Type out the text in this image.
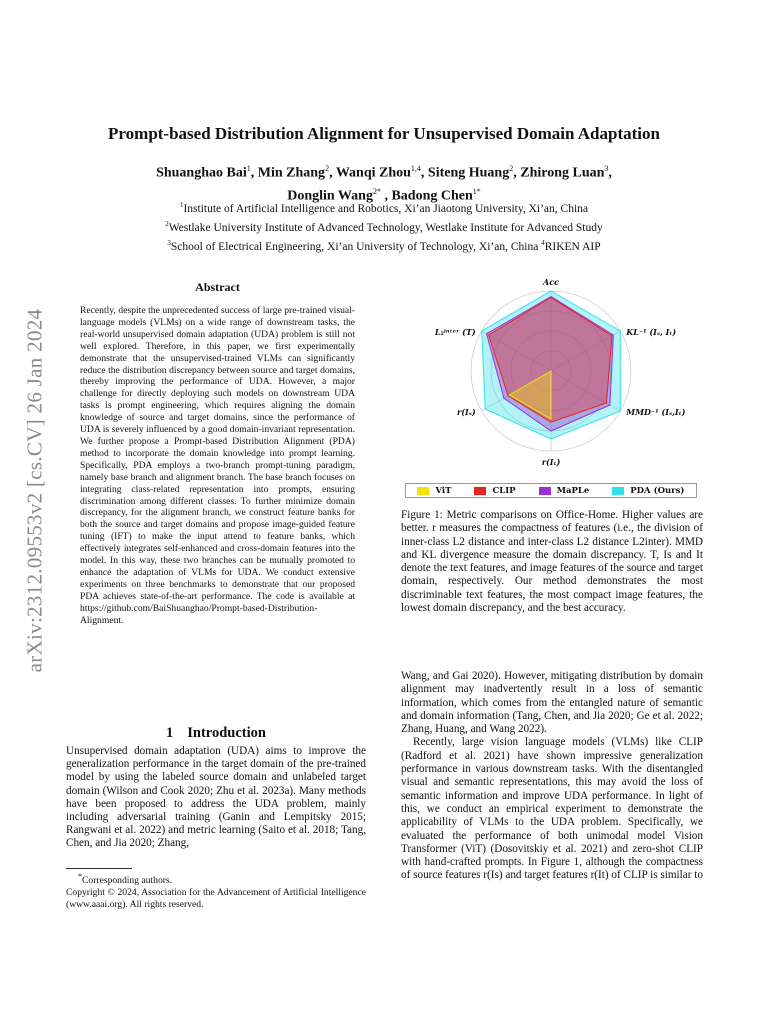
arXiv:2312.09553v2 [cs.CV] 26 Jan 2024
Prompt-based Distribution Alignment for Unsupervised Domain Adaptation
Shuanghao Bai$^1$, Min Zhang$^2$, Wanqi Zhou$^{1,4}$, Siteng Huang$^2$, Zhirong Luan$^3$,
Donglin Wang$^{2*}$ , Badong Chen$^{1*}$
$^1$Institute of Artificial Intelligence and Robotics, Xi’an Jiaotong University, Xi’an, China
$^2$Westlake University Institute of Advanced Technology, Westlake Institute for Advanced Study
$^3$School of Electrical Engineering, Xi’an University of Technology, Xi’an, China $^4$RIKEN AIP
Abstract

Recently, despite the unprecedented success of large pre-trained visual-language models (VLMs) on a wide range of downstream tasks, the real-world unsupervised domain adaptation (UDA) problem is still not well explored. Therefore, in this paper, we first experimentally demonstrate that the unsupervised-trained VLMs can significantly reduce the distribution discrepancy between source and target domains, thereby improving the performance of UDA. However, a major challenge for directly deploying such models on downstream UDA tasks is prompt engineering, which requires aligning the domain knowledge of source and target domains, since the performance of UDA is severely influenced by a good domain-invariant representation. We further propose a Prompt-based Distribution Alignment (PDA) method to incorporate the domain knowledge into prompt learning. Specifically, PDA employs a two-branch prompt-tuning paradigm, namely base branch and alignment branch. The base branch focuses on integrating class-related representation into prompts, ensuring discrimination among different classes. To further minimize domain discrepancy, for the alignment branch, we construct feature banks for both the source and target domains and propose image-guided feature tuning (IFT) to make the input attend to feature banks, which effectively integrates self-enhanced and cross-domain features into the model. In this way, these two branches can be mutually promoted to enhance the adaptation of VLMs for UDA. We conduct extensive experiments on three benchmarks to demonstrate that our proposed PDA achieves state-of-the-art performance. The code is available at https://github.com/BaiShuanghao/Prompt-based-Distribution-Alignment.

1 Introduction

Unsupervised domain adaptation (UDA) aims to improve the generalization performance in the target domain of the pre-trained model by using the labeled source domain and unlabeled target domain (Wilson and Cook 2020; Zhu et al. 2023a). Many methods have been proposed to address the UDA problem, mainly including adversarial training (Ganin and Lempitsky 2015; Rangwani et al. 2022) and metric learning (Saito et al. 2018; Tang, Chen, and Jia 2020; Zhang,

*Corresponding authors.

Copyright © 2024, Association for the Advancement of Artificial Intelligence (www.aaai.org). All rights reserved.

Acc
KL⁻¹ (Iₛ, Iₜ)
MMD⁻¹ (Iₛ,Iₜ)
r(Iₜ)
r(Iₛ)
L₂ⁱⁿᵗᵉʳ (T)
ViT	CLIP	MaPLe	PDA (Ours)

Figure 1: Metric comparisons on Office-Home. Higher values are better. r measures the compactness of features (i.e., the division of inner-class L2 distance and inter-class L2 distance L2inter). MMD and KL divergence measure the domain discrepancy. T, Is and It denote the text features, and image features of the source and target domain, respectively. Our method demonstrates the most discriminable text features, the most compact image features, the lowest domain discrepancy, and the best accuracy.

Wang, and Gai 2020). However, mitigating distribution by domain alignment may inadvertently result in a loss of semantic information, which comes from the entangled nature of semantic and domain information (Tang, Chen, and Jia 2020; Ge et al. 2022; Zhang, Huang, and Wang 2022).

Recently, large vision language models (VLMs) like CLIP (Radford et al. 2021) have shown impressive generalization performance in various downstream tasks. With the disentangled visual and semantic representations, this may avoid the loss of semantic information and improve UDA performance. In light of this, we conduct an empirical experiment to demonstrate the applicability of VLMs to the UDA problem. Specifically, we evaluated the performance of both unimodal model Vision Transformer (ViT) (Dosovitskiy et al. 2021) and zero-shot CLIP with hand-crafted prompts. In Figure 1, although the compactness of source features r(Is) and target features r(It) of CLIP is similar to
